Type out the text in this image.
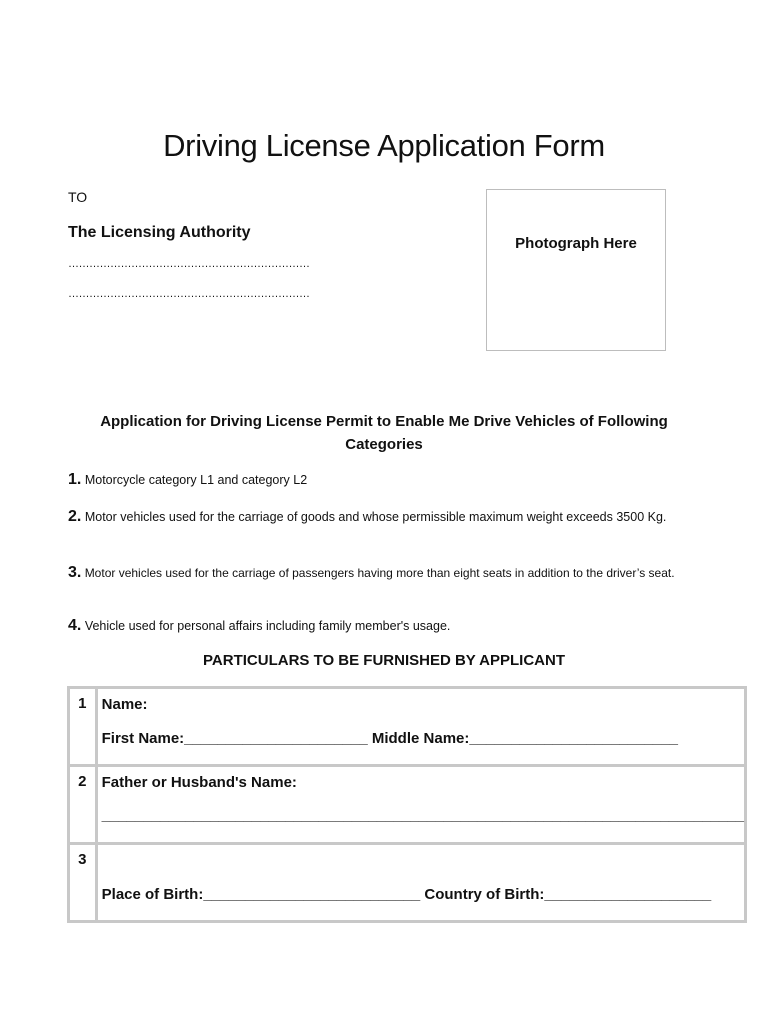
Driving License Application Form
TO
The Licensing Authority
……………………………………………………………
……………………………………………………………
Photograph Here
Application for Driving License Permit to Enable Me Drive Vehicles of Following Categories
1. Motorcycle category L1 and category L2
2. Motor vehicles used for the carriage of goods and whose permissible maximum weight exceeds 3500 Kg.
3. Motor vehicles used for the carriage of passengers having more than eight seats in addition to the driver’s seat.
4. Vehicle used for personal affairs including family member's usage.
PARTICULARS TO BE FURNISHED BY APPLICANT
1	Name:
First Name:______________________ Middle Name:_________________________

2	Father or Husband's Name:
_____________________________________________________________________________

3	Place of Birth:__________________________ Country of Birth:____________________
